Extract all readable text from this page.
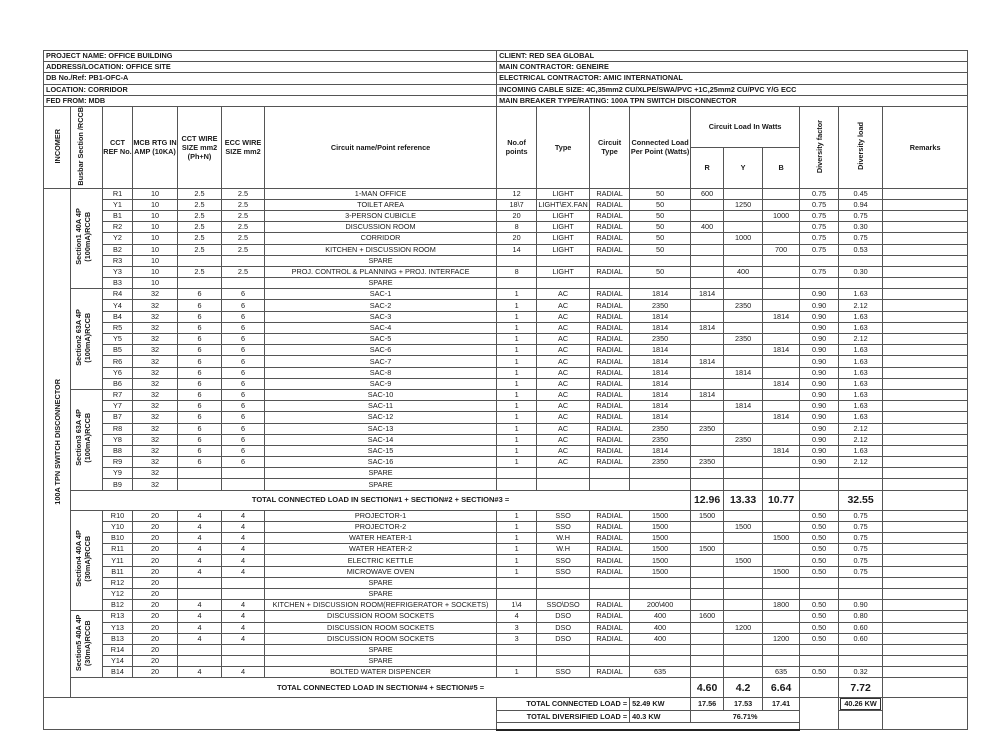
PROJECT NAME: OFFICE BUILDING							CLIENT: RED SEA GLOBAL									
ADDRESS/LOCATION: OFFICE SITE							MAIN CONTRACTOR: GENEIRE									
DB No./Ref: PB1-OFC-A							ELECTRICAL CONTRACTOR: AMIC INTERNATIONAL									
LOCATION: CORRIDOR							INCOMING CABLE SIZE: 4C,35mm2 CU/XLPE/SWA/PVC +1C,25mm2 CU/PVC Y/G ECC									
FED FROM: MDB							MAIN BREAKER TYPE/RATING: 100A TPN SWITCH DISCONNECTOR									
INCOMER	Busbar Section /RCCB	CCT REF No.	MCB RTG IN AMP (10KA)	CCT WIRE SIZE mm2 (Ph+N)	ECC WIRE SIZE mm2	Circuit name/Point reference	No.of points	Type	Circuit Type	Connected Load Per Point (Watts)	Circuit Load In Watts			Diversity factor	Diversity load	Remarks
											R	Y	B			
100A TPN SWITCH DISCONNECTOR	Section1 40A 4P (100mA)RCCB	R1	10	2.5	2.5	1-MAN OFFICE	12	LIGHT	RADIAL	50	600			0.75	0.45	
		Y1	10	2.5	2.5	TOILET AREA	18\7	LIGHT\EX.FAN	RADIAL	50		1250		0.75	0.94	
		B1	10	2.5	2.5	3-PERSON CUBICLE	20	LIGHT	RADIAL	50			1000	0.75	0.75	
		R2	10	2.5	2.5	DISCUSSION ROOM	8	LIGHT	RADIAL	50	400			0.75	0.30	
		Y2	10	2.5	2.5	CORRIDOR	20	LIGHT	RADIAL	50		1000		0.75	0.75	
		B2	10	2.5	2.5	KITCHEN + DISCUSSION ROOM	14	LIGHT	RADIAL	50			700	0.75	0.53	
		R3	10			SPARE										
		Y3	10	2.5	2.5	PROJ. CONTROL & PLANNING + PROJ. INTERFACE	8	LIGHT	RADIAL	50		400		0.75	0.30	
		B3	10			SPARE										
	Section2 63A 4P (100mA)RCCB	R4	32	6	6	SAC-1	1	AC	RADIAL	1814	1814			0.90	1.63	
		Y4	32	6	6	SAC-2	1	AC	RADIAL	2350		2350		0.90	2.12	
		B4	32	6	6	SAC-3	1	AC	RADIAL	1814			1814	0.90	1.63	
		R5	32	6	6	SAC-4	1	AC	RADIAL	1814	1814			0.90	1.63	
		Y5	32	6	6	SAC-5	1	AC	RADIAL	2350		2350		0.90	2.12	
		B5	32	6	6	SAC-6	1	AC	RADIAL	1814			1814	0.90	1.63	
		R6	32	6	6	SAC-7	1	AC	RADIAL	1814	1814			0.90	1.63	
		Y6	32	6	6	SAC-8	1	AC	RADIAL	1814		1814		0.90	1.63	
		B6	32	6	6	SAC-9	1	AC	RADIAL	1814			1814	0.90	1.63	
	Section3 63A 4P (100mA)RCCB	R7	32	6	6	SAC-10	1	AC	RADIAL	1814	1814			0.90	1.63	
		Y7	32	6	6	SAC-11	1	AC	RADIAL	1814		1814		0.90	1.63	
		B7	32	6	6	SAC-12	1	AC	RADIAL	1814			1814	0.90	1.63	
		R8	32	6	6	SAC-13	1	AC	RADIAL	2350	2350			0.90	2.12	
		Y8	32	6	6	SAC-14	1	AC	RADIAL	2350		2350		0.90	2.12	
		B8	32	6	6	SAC-15	1	AC	RADIAL	1814			1814	0.90	1.63	
		R9	32	6	6	SAC-16	1	AC	RADIAL	2350	2350			0.90	2.12	
		Y9	32			SPARE										
		B9	32			SPARE										
	TOTAL CONNECTED LOAD IN SECTION#1 + SECTION#2 + SECTION#3 =										12.96	13.33	10.77		32.55	
	Section4 40A 4P (30mA)RCCB	R10	20	4	4	PROJECTOR-1	1	SSO	RADIAL	1500	1500			0.50	0.75	
		Y10	20	4	4	PROJECTOR-2	1	SSO	RADIAL	1500		1500		0.50	0.75	
		B10	20	4	4	WATER HEATER-1	1	W.H	RADIAL	1500			1500	0.50	0.75	
		R11	20	4	4	WATER HEATER-2	1	W.H	RADIAL	1500	1500			0.50	0.75	
		Y11	20	4	4	ELECTRIC KETTLE	1	SSO	RADIAL	1500		1500		0.50	0.75	
		B11	20	4	4	MICROWAVE OVEN	1	SSO	RADIAL	1500			1500	0.50	0.75	
		R12	20			SPARE										
		Y12	20			SPARE										
		B12	20	4	4	KITCHEN + DISCUSSION ROOM(REFRIGERATOR + SOCKETS)	1\4	SSO\DSO	RADIAL	200\400			1800	0.50	0.90	
	Section5 40A 4P (30mA)RCCB	R13	20	4	4	DISCUSSION ROOM SOCKETS	4	DSO	RADIAL	400	1600			0.50	0.80	
		Y13	20	4	4	DISCUSSION ROOM SOCKETS	3	DSO	RADIAL	400		1200		0.50	0.60	
		B13	20	4	4	DISCUSSION ROOM SOCKETS	3	DSO	RADIAL	400			1200	0.50	0.60	
		R14	20			SPARE										
		Y14	20			SPARE										
		B14	20	4	4	BOLTED WATER DISPENCER	1	SSO	RADIAL	635			635	0.50	0.32	
	TOTAL CONNECTED LOAD IN SECTION#4 + SECTION#5 =										4.60	4.2	6.64		7.72	
							TOTAL CONNECTED LOAD =			52.49 KW	17.56	17.53	17.41		40.26 KW	
							TOTAL DIVERSIFIED LOAD =			40.3 KW	76.71%					
